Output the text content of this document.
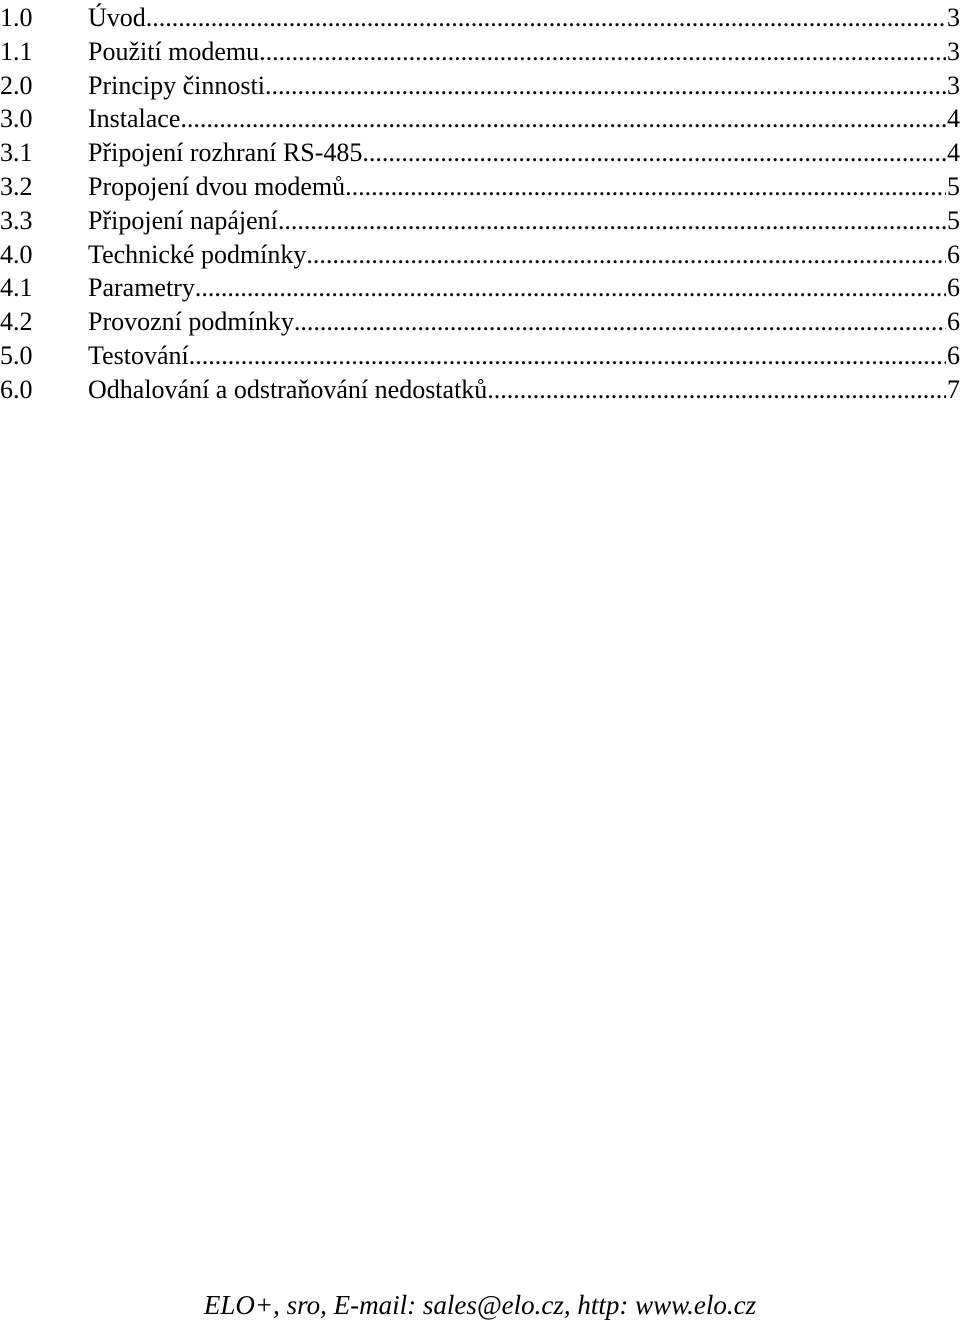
1.0	Úvod .....	3
1.1	Použití modemu .....	3
2.0	Principy činnosti .....	3
3.0	Instalace .....	4
3.1	Připojení rozhraní RS-485 .....	4
3.2	Propojení dvou modemů .....	5
3.3	Připojení napájení .....	5
4.0	Technické podmínky .....	6
4.1	Parametry .....	6
4.2	Provozní podmínky .....	6
5.0	Testování .....	6
6.0	Odhalování a odstraňování nedostatků .....	7
ELO+, sro, E-mail: sales@elo.cz, http: www.elo.cz
